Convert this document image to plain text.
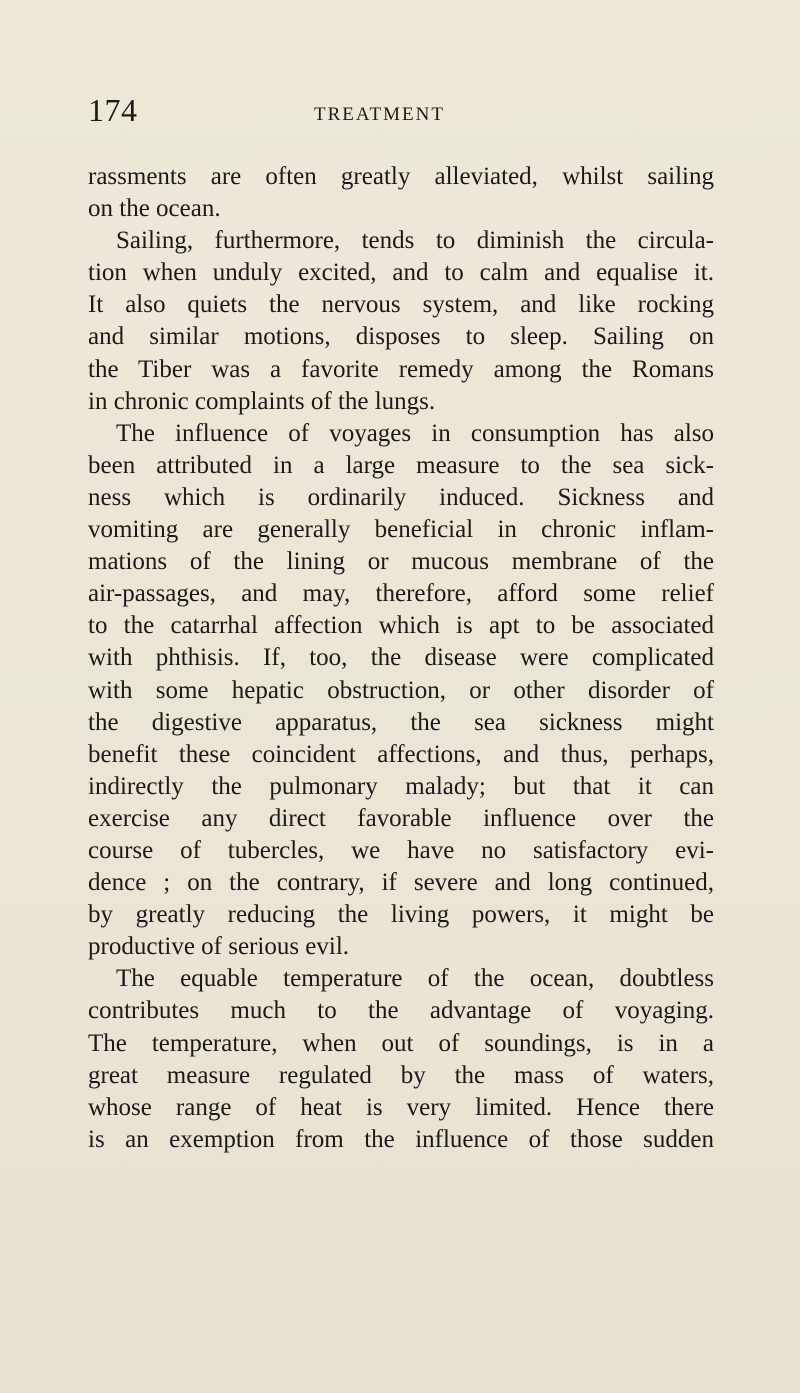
174	TREATMENT
rassments are often greatly alleviated, whilst sailing
on the ocean.
Sailing, furthermore, tends to diminish the circula-
tion when unduly excited, and to calm and equalise it.
It also quiets the nervous system, and like rocking
and similar motions, disposes to sleep. Sailing on
the Tiber was a favorite remedy among the Romans
in chronic complaints of the lungs.
The influence of voyages in consumption has also
been attributed in a large measure to the sea sick-
ness which is ordinarily induced. Sickness and
vomiting are generally beneficial in chronic inflam-
mations of the lining or mucous membrane of the
air-passages, and may, therefore, afford some relief
to the catarrhal affection which is apt to be associated
with phthisis. If, too, the disease were complicated
with some hepatic obstruction, or other disorder of
the digestive apparatus, the sea sickness might
benefit these coincident affections, and thus, perhaps,
indirectly the pulmonary malady; but that it can
exercise any direct favorable influence over the
course of tubercles, we have no satisfactory evi-
dence ; on the contrary, if severe and long continued,
by greatly reducing the living powers, it might be
productive of serious evil.
The equable temperature of the ocean, doubtless
contributes much to the advantage of voyaging.
The temperature, when out of soundings, is in a
great measure regulated by the mass of waters,
whose range of heat is very limited. Hence there
is an exemption from the influence of those sudden
